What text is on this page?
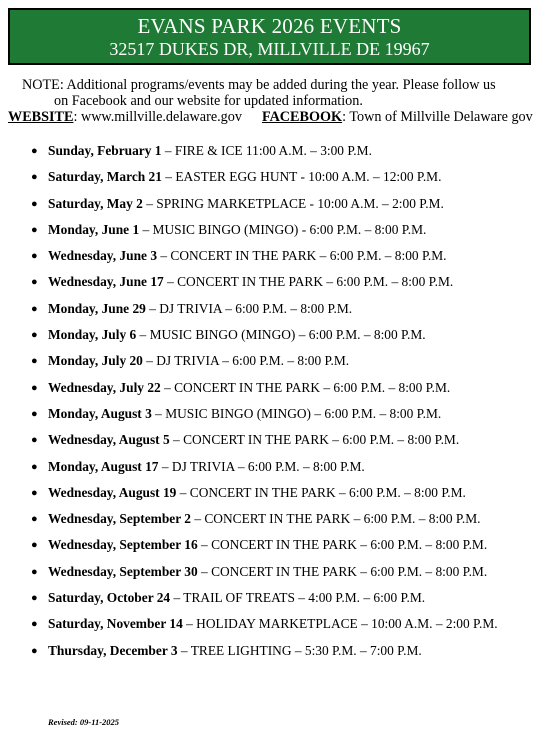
EVANS PARK 2026 EVENTS
32517 DUKES DR, MILLVILLE DE 19967
NOTE: Additional programs/events may be added during the year. Please follow us
on Facebook and our website for updated information.
WEBSITE: www.millville.delaware.gov FACEBOOK: Town of Millville Delaware gov
● Sunday, February 1 – FIRE & ICE 11:00 A.M. – 3:00 P.M.
● Saturday, March 21 – EASTER EGG HUNT - 10:00 A.M. – 12:00 P.M.
● Saturday, May 2 – SPRING MARKETPLACE - 10:00 A.M. – 2:00 P.M.
● Monday, June 1 – MUSIC BINGO (MINGO) - 6:00 P.M. – 8:00 P.M.
● Wednesday, June 3 – CONCERT IN THE PARK – 6:00 P.M. – 8:00 P.M.
● Wednesday, June 17 – CONCERT IN THE PARK – 6:00 P.M. – 8:00 P.M.
● Monday, June 29 – DJ TRIVIA – 6:00 P.M. – 8:00 P.M.
● Monday, July 6 – MUSIC BINGO (MINGO) – 6:00 P.M. – 8:00 P.M.
● Monday, July 20 – DJ TRIVIA – 6:00 P.M. – 8:00 P.M.
● Wednesday, July 22 – CONCERT IN THE PARK – 6:00 P.M. – 8:00 P.M.
● Monday, August 3 – MUSIC BINGO (MINGO) – 6:00 P.M. – 8:00 P.M.
● Wednesday, August 5 – CONCERT IN THE PARK – 6:00 P.M. – 8:00 P.M.
● Monday, August 17 – DJ TRIVIA – 6:00 P.M. – 8:00 P.M.
● Wednesday, August 19 – CONCERT IN THE PARK – 6:00 P.M. – 8:00 P.M.
● Wednesday, September 2 – CONCERT IN THE PARK – 6:00 P.M. – 8:00 P.M.
● Wednesday, September 16 – CONCERT IN THE PARK – 6:00 P.M. – 8:00 P.M.
● Wednesday, September 30 – CONCERT IN THE PARK – 6:00 P.M. – 8:00 P.M.
● Saturday, October 24 – TRAIL OF TREATS – 4:00 P.M. – 6:00 P.M.
● Saturday, November 14 – HOLIDAY MARKETPLACE – 10:00 A.M. – 2:00 P.M.
● Thursday, December 3 – TREE LIGHTING – 5:30 P.M. – 7:00 P.M.
Revised: 09-11-2025
